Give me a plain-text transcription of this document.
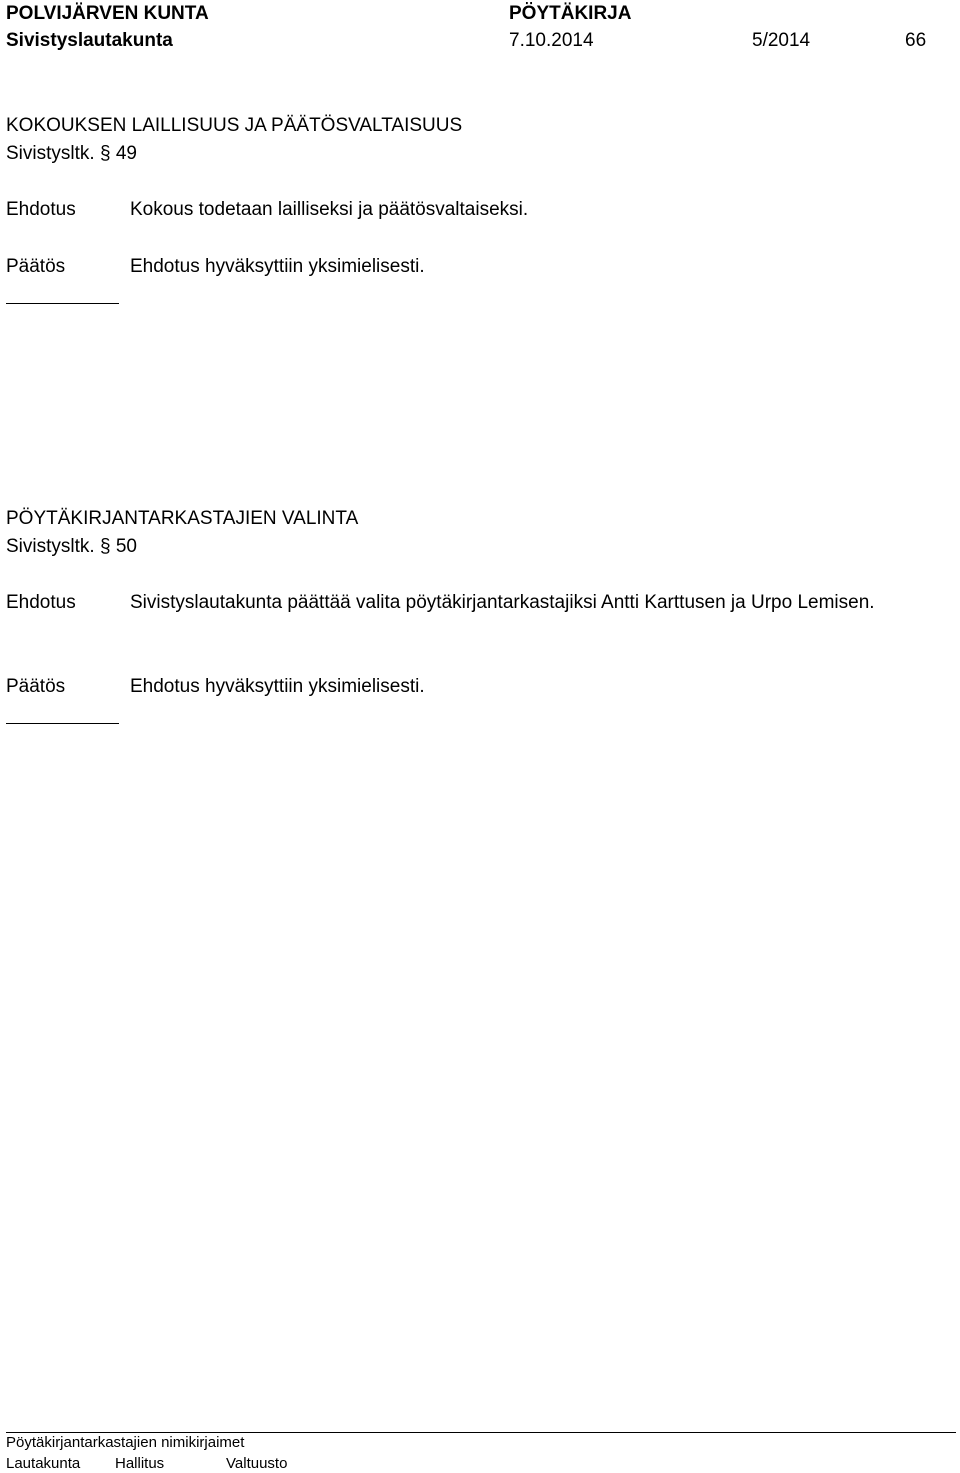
POLVIJÄRVEN KUNTA	PÖYTÄKIRJA
Sivistyslautakunta	7.10.2014	5/2014	66
KOKOUKSEN LAILLISUUS JA PÄÄTÖSVALTAISUUS
Sivistysltk. § 49
Ehdotus	Kokous todetaan lailliseksi ja päätösvaltaiseksi.
Päätös	Ehdotus hyväksyttiin yksimielisesti.
PÖYTÄKIRJANTARKASTAJIEN VALINTA
Sivistysltk. § 50
Ehdotus	Sivistyslautakunta päättää valita pöytäkirjantarkastajiksi Antti Karttusen ja Urpo Lemisen.
Päätös	Ehdotus hyväksyttiin yksimielisesti.
Pöytäkirjantarkastajien nimikirjaimet
Lautakunta Hallitus	Valtuusto
